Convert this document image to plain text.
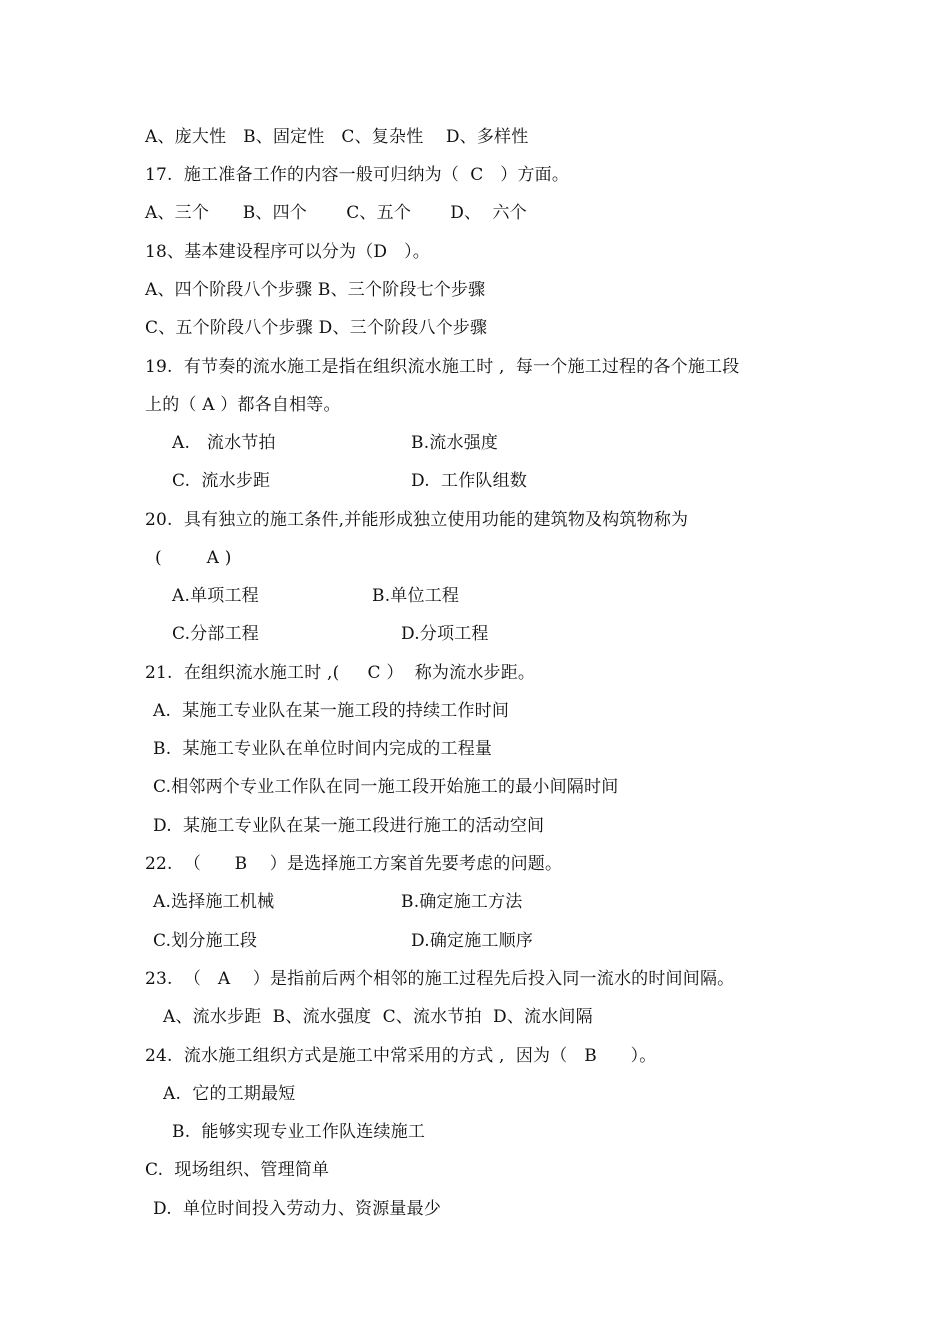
A、庞大性   B、固定性   C、复杂性    D、多样性
17.  施工准备工作的内容一般可归纳为（  C   ）方面。
A、三个      B、四个       C、五个       D、  六个
18、基本建设程序可以分为（D   ）。
A、四个阶段八个步骤 B、三个阶段七个步骤
C、五个阶段八个步骤 D、三个阶段八个步骤
19.  有节奏的流水施工是指在组织流水施工时 ,  每一个施工过程的各个施工段
上的（ A ）都各自相等。
A.   流水节拍	B.流水强度
C.  流水步距	D.  工作队组数
20.  具有独立的施工条件,并能形成独立使用功能的建筑物及构筑物称为
(        A )
A.单项工程	B.单位工程
C.分部工程	D.分项工程
21.  在组织流水施工时 ,(     C ）  称为流水步距。
A.  某施工专业队在某一施工段的持续工作时间
B.  某施工专业队在单位时间内完成的工程量
C.相邻两个专业工作队在同一施工段开始施工的最小间隔时间
D.  某施工专业队在某一施工段进行施工的活动空间
22.  （      B    ）是选择施工方案首先要考虑的问题。
A.选择施工机械	B.确定施工方法
C.划分施工段	D.确定施工顺序
23.  （   A    ）是指前后两个相邻的施工过程先后投入同一流水的时间间隔。
A、流水步距  B、流水强度  C、流水节拍  D、流水间隔
24.  流水施工组织方式是施工中常采用的方式 ,  因为（   B      ）。
A.  它的工期最短
B.  能够实现专业工作队连续施工
C.  现场组织、管理简单
D.  单位时间投入劳动力、资源量最少
